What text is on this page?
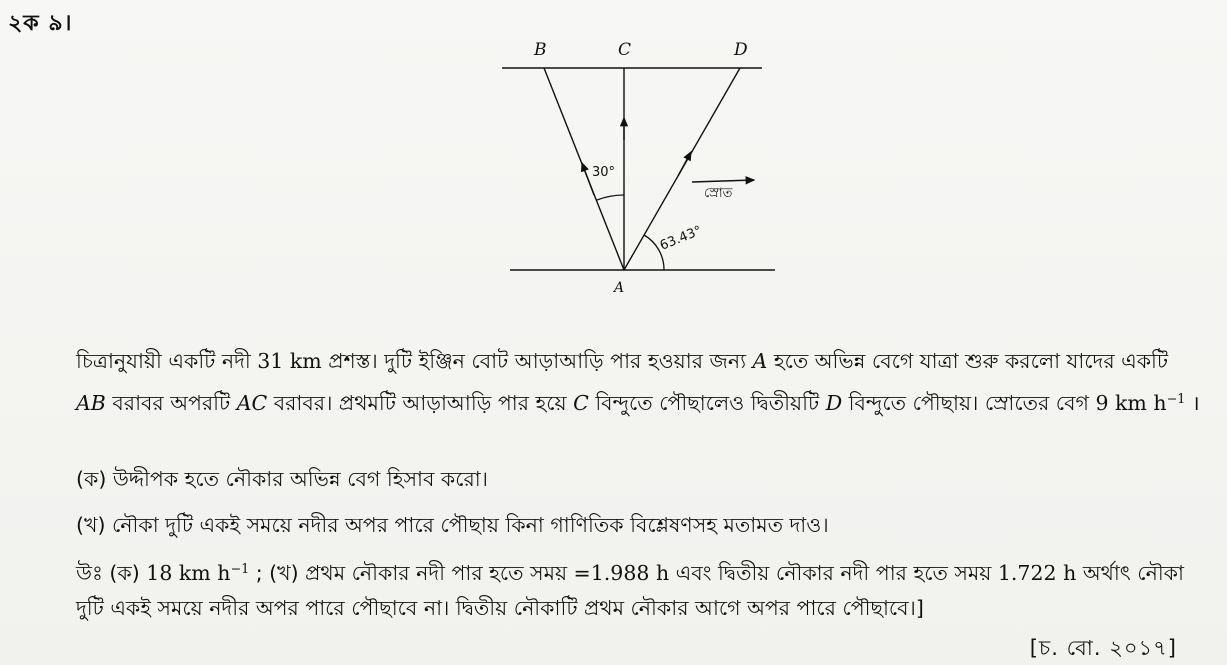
২ক ৯।
B	C	D
A
30°
63.43°
স্রোত

চিত্রানুযায়ী একটি নদী 31 km প্রশস্ত। দুটি ইঞ্জিন বোট আড়াআড়ি পার হওয়ার জন্য A হতে অভিন্ন বেগে যাত্রা শুরু করলো যাদের একটি AB বরাবর অপরটি AC বরাবর। প্রথমটি আড়াআড়ি পার হয়ে C বিন্দুতে পৌছালেও দ্বিতীয়টি D বিন্দুতে পৌছায়। স্রোতের বেগ 9 km $h^{-1}$ ।

(ক) উদ্দীপক হতে নৌকার অভিন্ন বেগ হিসাব করো।
(খ) নৌকা দুটি একই সময়ে নদীর অপর পারে পৌছায় কিনা গাণিতিক বিশ্লেষণসহ মতামত দাও।
উঃ (ক) 18 km $h^{-1}$ ; (খ) প্রথম নৌকার নদী পার হতে সময় =1.988 h এবং দ্বিতীয় নৌকার নদী পার হতে সময় 1.722 h অর্থাৎ নৌকা দুটি একই সময়ে নদীর অপর পারে পৌছাবে না। দ্বিতীয় নৌকাটি প্রথম নৌকার আগে অপর পারে পৌছাবে।]
[চ. বো. ২০১৭]
